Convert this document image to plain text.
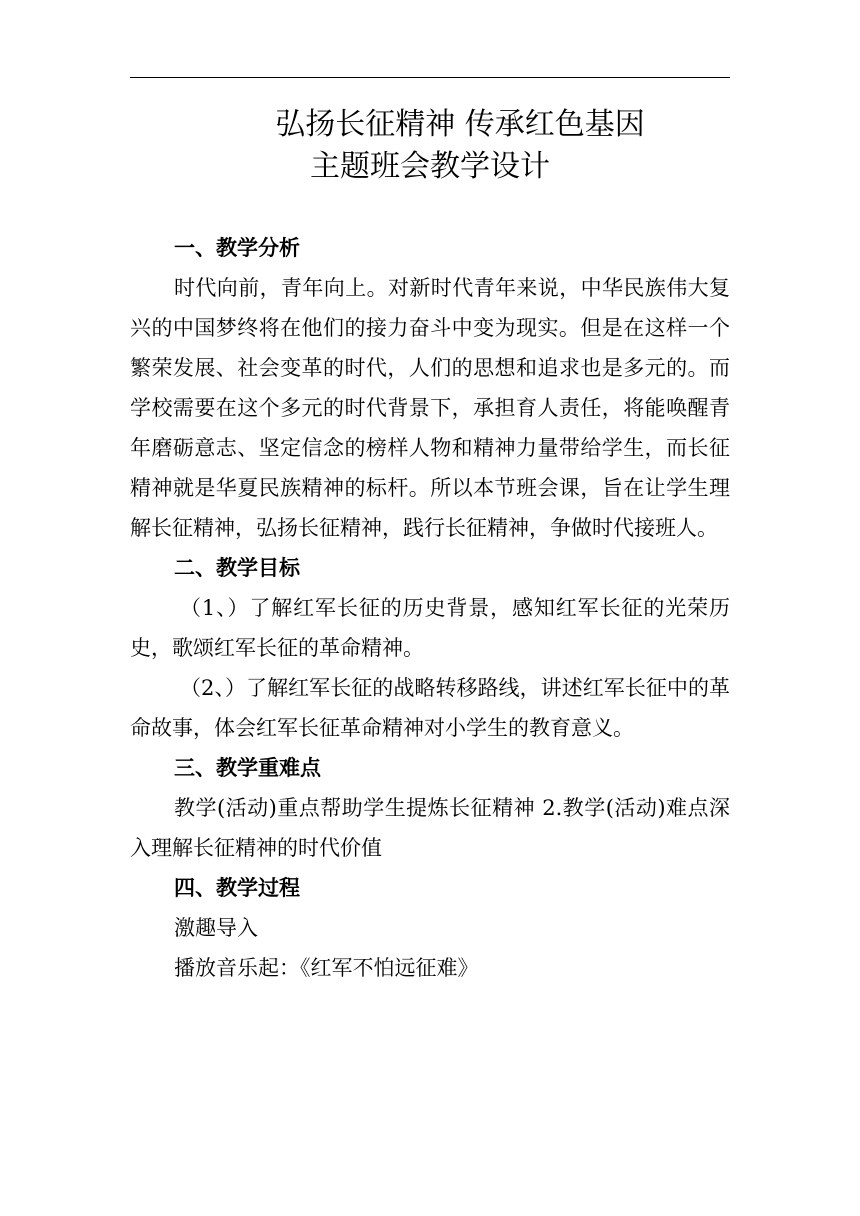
弘扬长征精神 传承红色基因
主题班会教学设计

一、教学分析

时代向前，青年向上。对新时代青年来说，中华民族伟大复兴的中国梦终将在他们的接力奋斗中变为现实。但是在这样一个繁荣发展、社会变革的时代，人们的思想和追求也是多元的。而学校需要在这个多元的时代背景下，承担育人责任，将能唤醒青年磨砺意志、坚定信念的榜样人物和精神力量带给学生，而长征精神就是华夏民族精神的标杆。所以本节班会课，旨在让学生理解长征精神，弘扬长征精神，践行长征精神，争做时代接班人。

二、教学目标

（1、）了解红军长征的历史背景，感知红军长征的光荣历史，歌颂红军长征的革命精神。

（2、）了解红军长征的战略转移路线，讲述红军长征中的革命故事，体会红军长征革命精神对小学生的教育意义。

三、教学重难点

教学(活动)重点帮助学生提炼长征精神 2.教学(活动)难点深入理解长征精神的时代价值

四、教学过程

激趣导入

播放音乐起：《红军不怕远征难》
